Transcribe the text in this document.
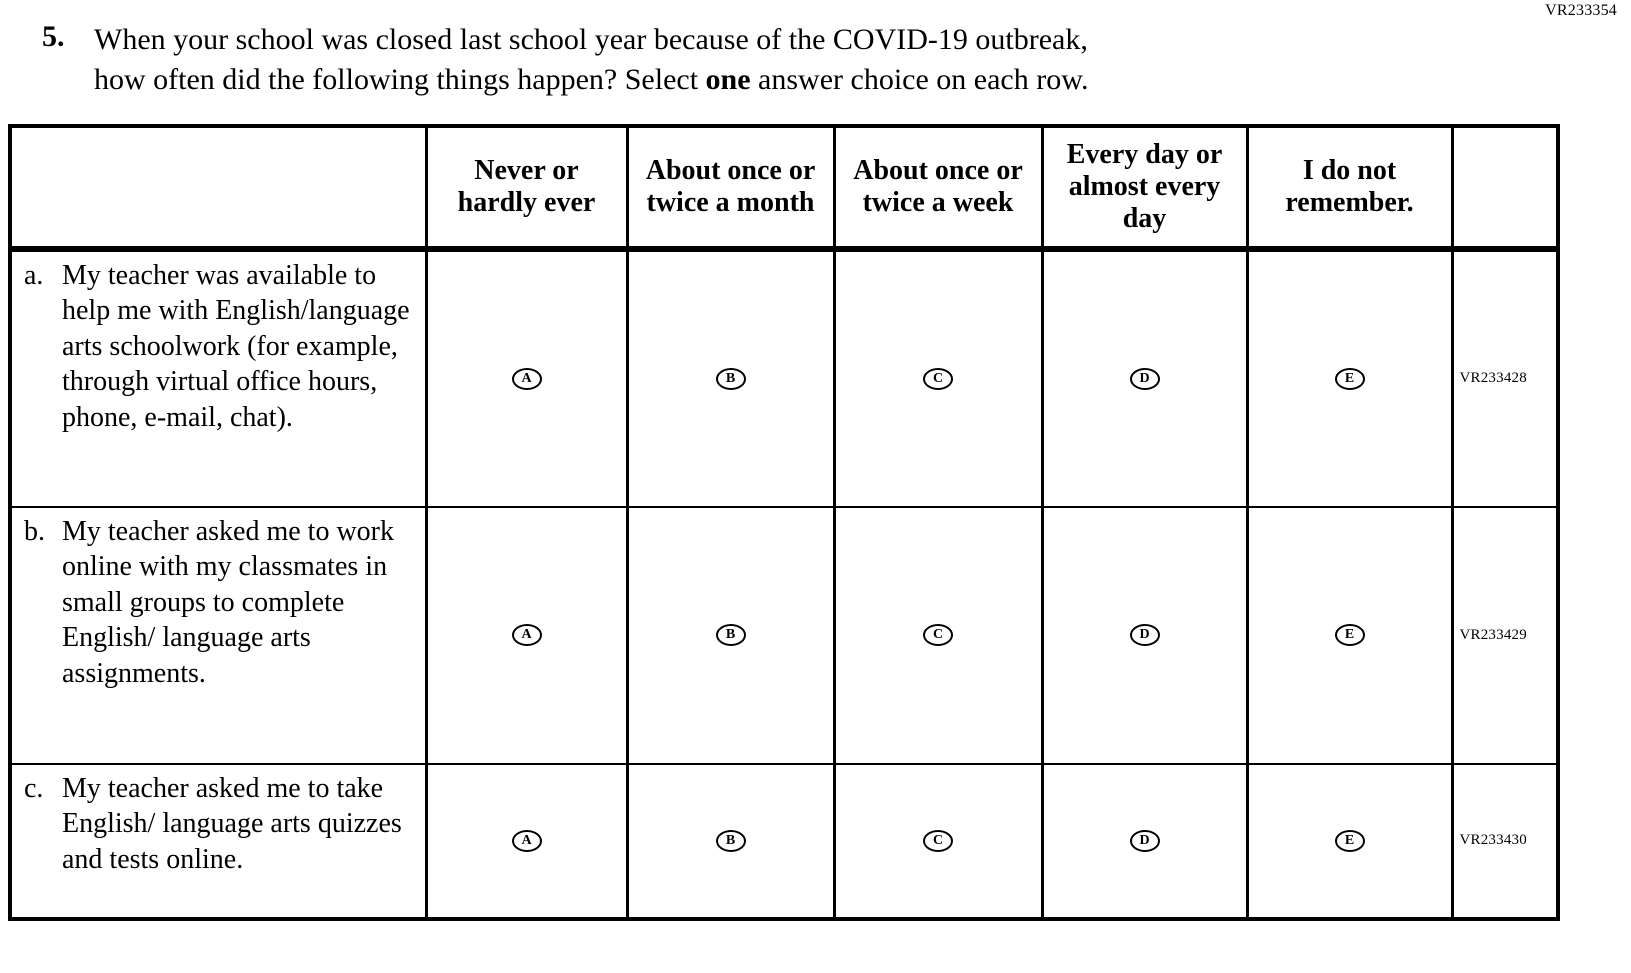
VR233354
5. When your school was closed last school year because of the COVID-19 outbreak,
how often did the following things happen? Select one answer choice on each row.
	Never or hardly ever	About once or twice a month	About once or twice a week	Every day or almost every day	I do not remember.	

a. My teacher was available to help me with English/language arts schoolwork (for example, through virtual office hours, phone, e-mail, chat).	A	B	C	D	E	VR233428

b. My teacher asked me to work online with my classmates in small groups to complete English/ language arts assignments.	A	B	C	D	E	VR233429

c. My teacher asked me to take English/ language arts quizzes and tests online.	A	B	C	D	E	VR233430
